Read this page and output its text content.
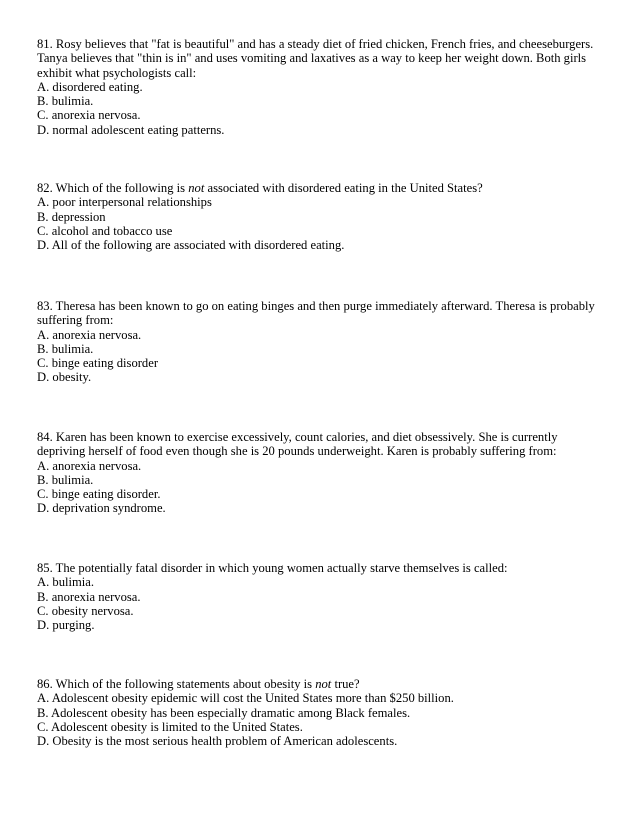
81. Rosy believes that "fat is beautiful" and has a steady diet of fried chicken, French fries, and cheeseburgers. Tanya believes that "thin is in" and uses vomiting and laxatives as a way to keep her weight down. Both girls exhibit what psychologists call:
A. disordered eating.
B. bulimia.
C. anorexia nervosa.
D. normal adolescent eating patterns.
82. Which of the following is not associated with disordered eating in the United States?
A. poor interpersonal relationships
B. depression
C. alcohol and tobacco use
D. All of the following are associated with disordered eating.
83. Theresa has been known to go on eating binges and then purge immediately afterward. Theresa is probably suffering from:
A. anorexia nervosa.
B. bulimia.
C. binge eating disorder
D. obesity.
84. Karen has been known to exercise excessively, count calories, and diet obsessively. She is currently depriving herself of food even though she is 20 pounds underweight. Karen is probably suffering from:
A. anorexia nervosa.
B. bulimia.
C. binge eating disorder.
D. deprivation syndrome.
85. The potentially fatal disorder in which young women actually starve themselves is called:
A. bulimia.
B. anorexia nervosa.
C. obesity nervosa.
D. purging.
86. Which of the following statements about obesity is not true?
A. Adolescent obesity epidemic will cost the United States more than $250 billion.
B. Adolescent obesity has been especially dramatic among Black females.
C. Adolescent obesity is limited to the United States.
D. Obesity is the most serious health problem of American adolescents.
